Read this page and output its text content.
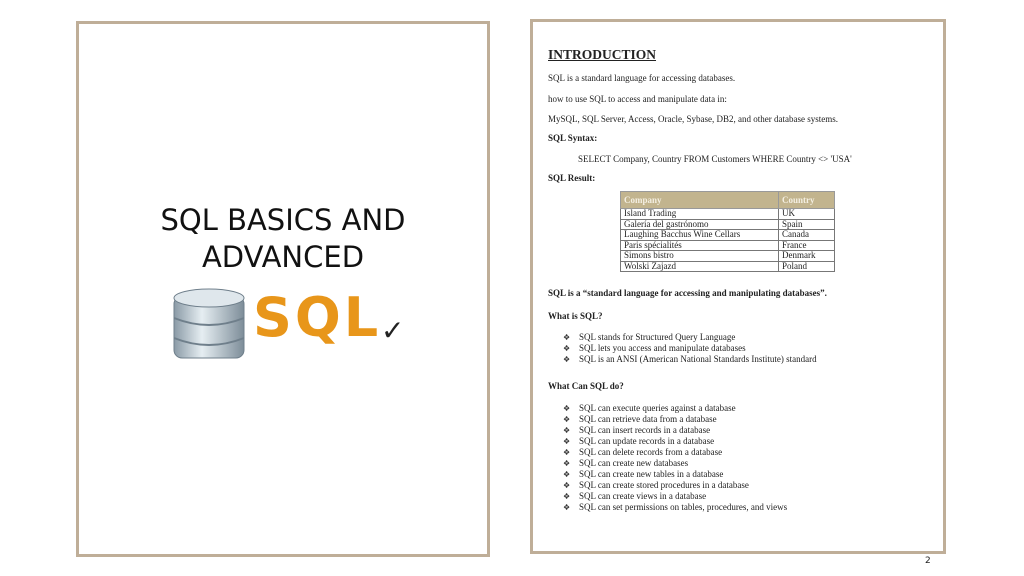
SQL BASICS AND
ADVANCED
SQL ✓
INTRODUCTION
SQL is a standard language for accessing databases.
how to use SQL to access and manipulate data in:
MySQL, SQL Server, Access, Oracle, Sybase, DB2, and other database systems.
SQL Syntax:
SELECT Company, Country FROM Customers WHERE Country <> 'USA'
SQL Result:
Company	Country
Island Trading	UK
Galería del gastrónomo	Spain
Laughing Bacchus Wine Cellars	Canada
Paris spécialités	France
Simons bistro	Denmark
Wolski Zajazd	Poland
SQL is a “standard language for accessing and manipulating databases”.
What is SQL?
❖ SQL stands for Structured Query Language
❖ SQL lets you access and manipulate databases
❖ SQL is an ANSI (American National Standards Institute) standard
What Can SQL do?
❖ SQL can execute queries against a database
❖ SQL can retrieve data from a database
❖ SQL can insert records in a database
❖ SQL can update records in a database
❖ SQL can delete records from a database
❖ SQL can create new databases
❖ SQL can create new tables in a database
❖ SQL can create stored procedures in a database
❖ SQL can create views in a database
❖ SQL can set permissions on tables, procedures, and views
2
